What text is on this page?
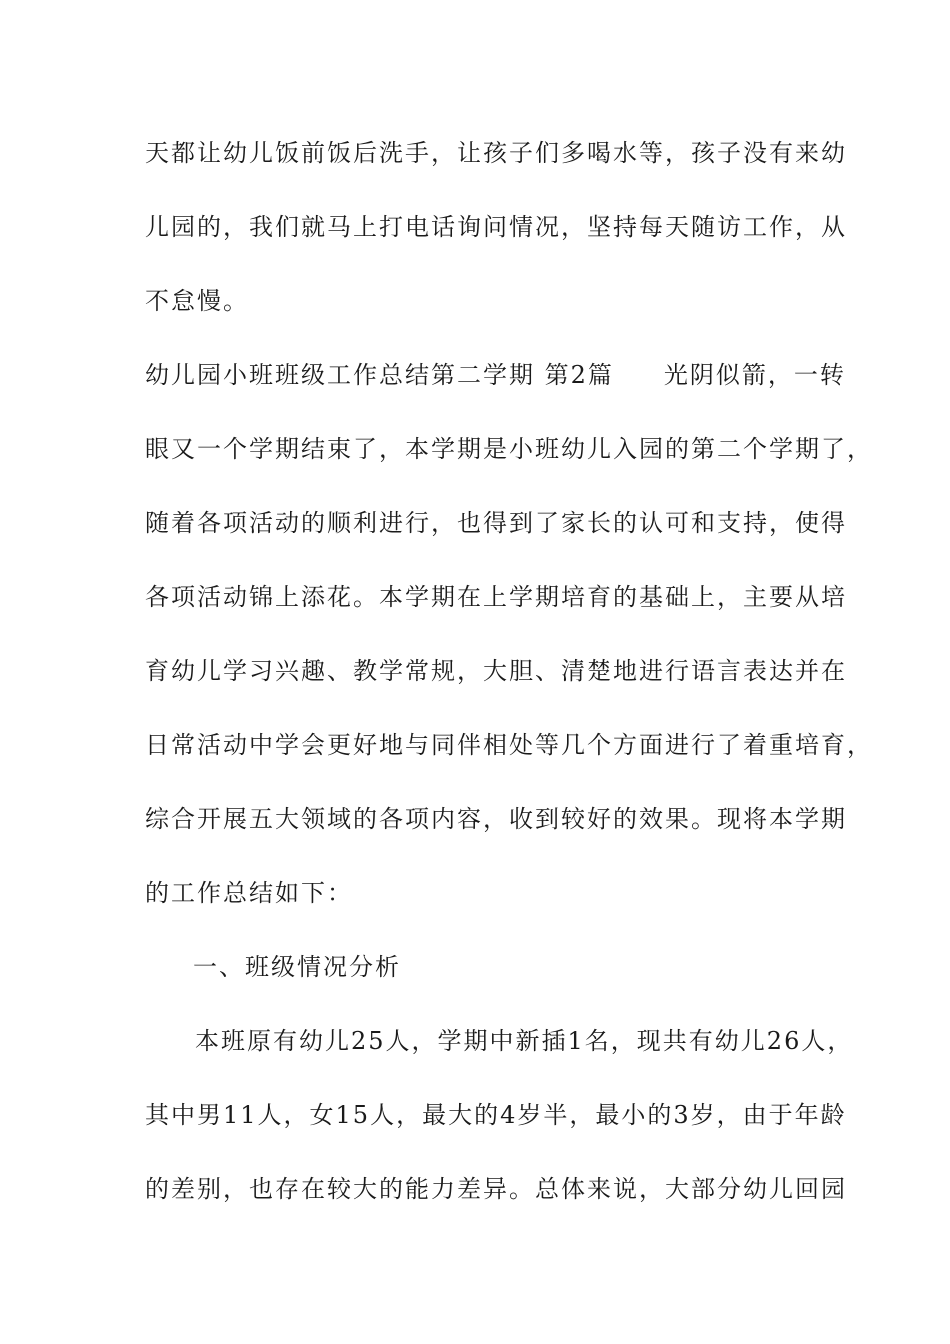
天都让幼儿饭前饭后洗手，让孩子们多喝水等，孩子没有来幼
儿园的，我们就马上打电话询问情况，坚持每天随访工作，从
不怠慢。
幼儿园小班班级工作总结第二学期 第2篇 光阴似箭，一转
眼又一个学期结束了，本学期是小班幼儿入园的第二个学期了，
随着各项活动的顺利进行，也得到了家长的认可和支持，使得
各项活动锦上添花。本学期在上学期培育的基础上，主要从培
育幼儿学习兴趣、教学常规，大胆、清楚地进行语言表达并在
日常活动中学会更好地与同伴相处等几个方面进行了着重培育，
综合开展五大领域的各项内容，收到较好的效果。现将本学期
的工作总结如下：
一、班级情况分析
本班原有幼儿25人，学期中新插1名，现共有幼儿26人，
其中男11人，女15人，最大的4岁半，最小的3岁，由于年龄
的差别，也存在较大的能力差异。总体来说，大部分幼儿回园
